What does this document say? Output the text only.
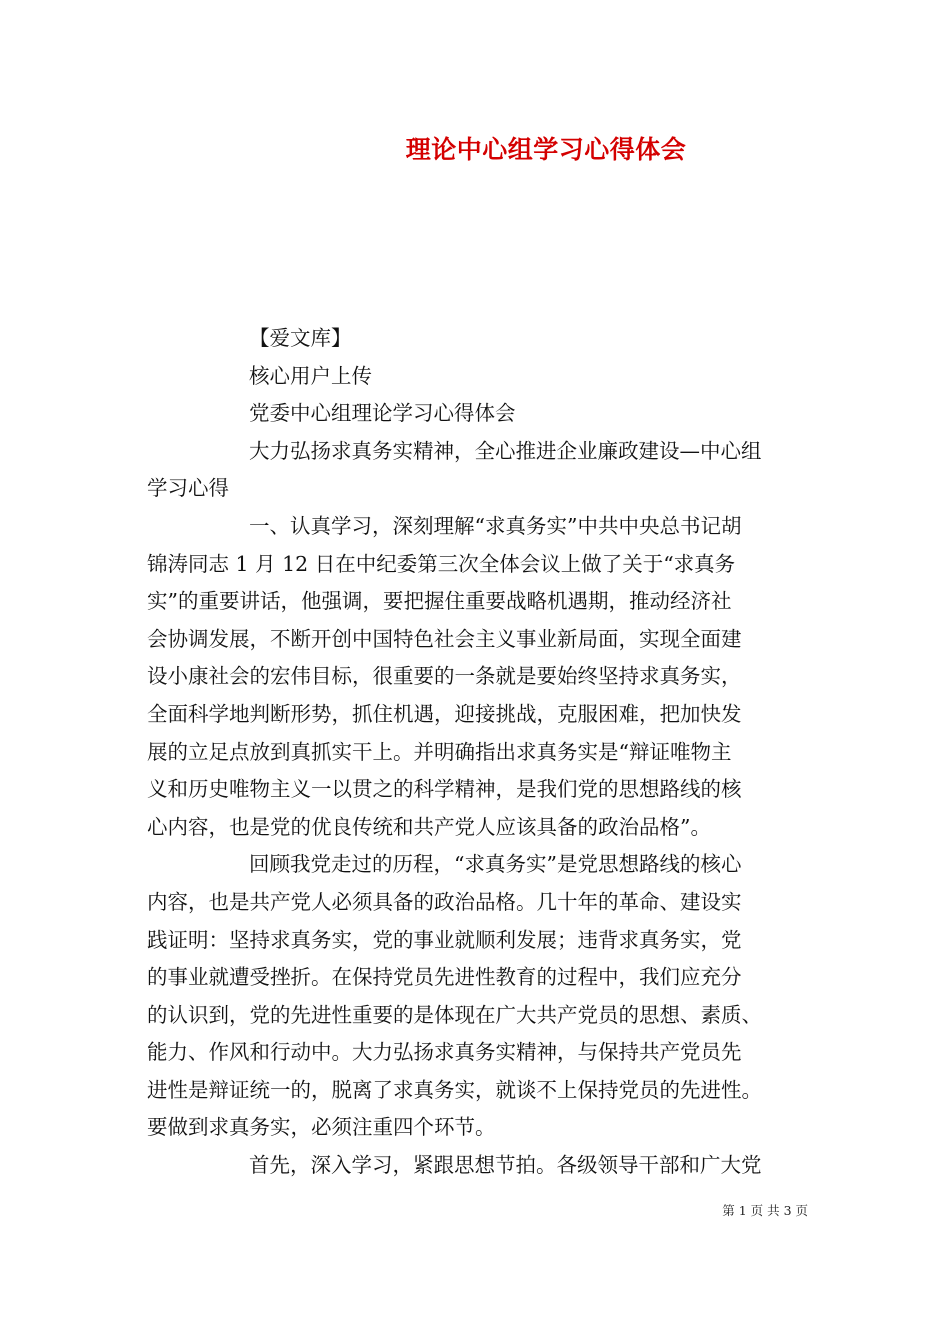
理论中心组学习心得体会
【爱文库】
核心用户上传
党委中心组理论学习心得体会
大力弘扬求真务实精神，全心推进企业廉政建设—中心组
学习心得
一、认真学习，深刻理解“求真务实”中共中央总书记胡
锦涛同志 1 月 12 日在中纪委第三次全体会议上做了关于“求真务
实”的重要讲话，他强调，要把握住重要战略机遇期，推动经济社
会协调发展，不断开创中国特色社会主义事业新局面，实现全面建
设小康社会的宏伟目标，很重要的一条就是要始终坚持求真务实，
全面科学地判断形势，抓住机遇，迎接挑战，克服困难，把加快发
展的立足点放到真抓实干上。并明确指出求真务实是“辩证唯物主
义和历史唯物主义一以贯之的科学精神，是我们党的思想路线的核
心内容，也是党的优良传统和共产党人应该具备的政治品格”。
回顾我党走过的历程，“求真务实”是党思想路线的核心
内容，也是共产党人必须具备的政治品格。几十年的革命、建设实
践证明：坚持求真务实，党的事业就顺利发展；违背求真务实，党
的事业就遭受挫折。在保持党员先进性教育的过程中，我们应充分
的认识到，党的先进性重要的是体现在广大共产党员的思想、素质、
能力、作风和行动中。大力弘扬求真务实精神，与保持共产党员先
进性是辩证统一的，脱离了求真务实，就谈不上保持党员的先进性。
要做到求真务实，必须注重四个环节。
首先，深入学习，紧跟思想节拍。各级领导干部和广大党
第 1 页 共 3 页
